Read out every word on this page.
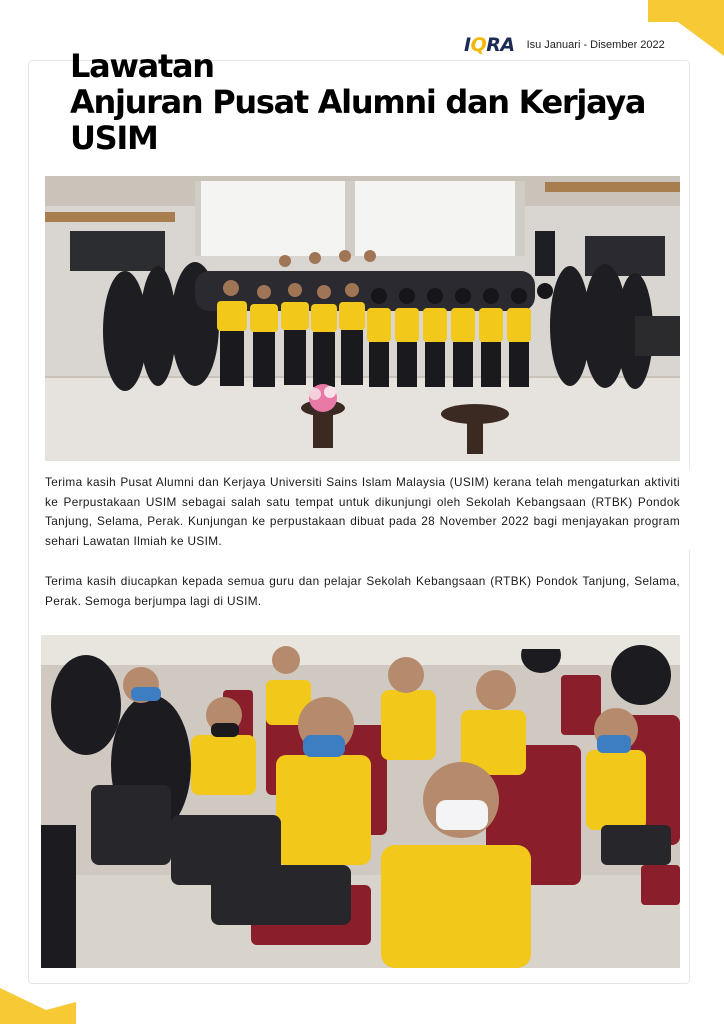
I Q RA Isu Januari - Disember 2022
Lawatan
Anjuran Pusat Alumni dan Kerjaya
USIM

Terima kasih Pusat Alumni dan Kerjaya Universiti Sains Islam Malaysia (USIM) kerana telah mengaturkan aktiviti ke Perpustakaan USIM sebagai salah satu tempat untuk dikunjungi oleh Sekolah Kebangsaan (RTBK) Pondok Tanjung, Selama, Perak. Kunjungan ke perpustakaan dibuat pada 28 November 2022 bagi menjayakan program sehari Lawatan Ilmiah ke USIM.

Terima kasih diucapkan kepada semua guru dan pelajar Sekolah Kebangsaan (RTBK) Pondok Tanjung, Selama, Perak. Semoga berjumpa lagi di USIM.
